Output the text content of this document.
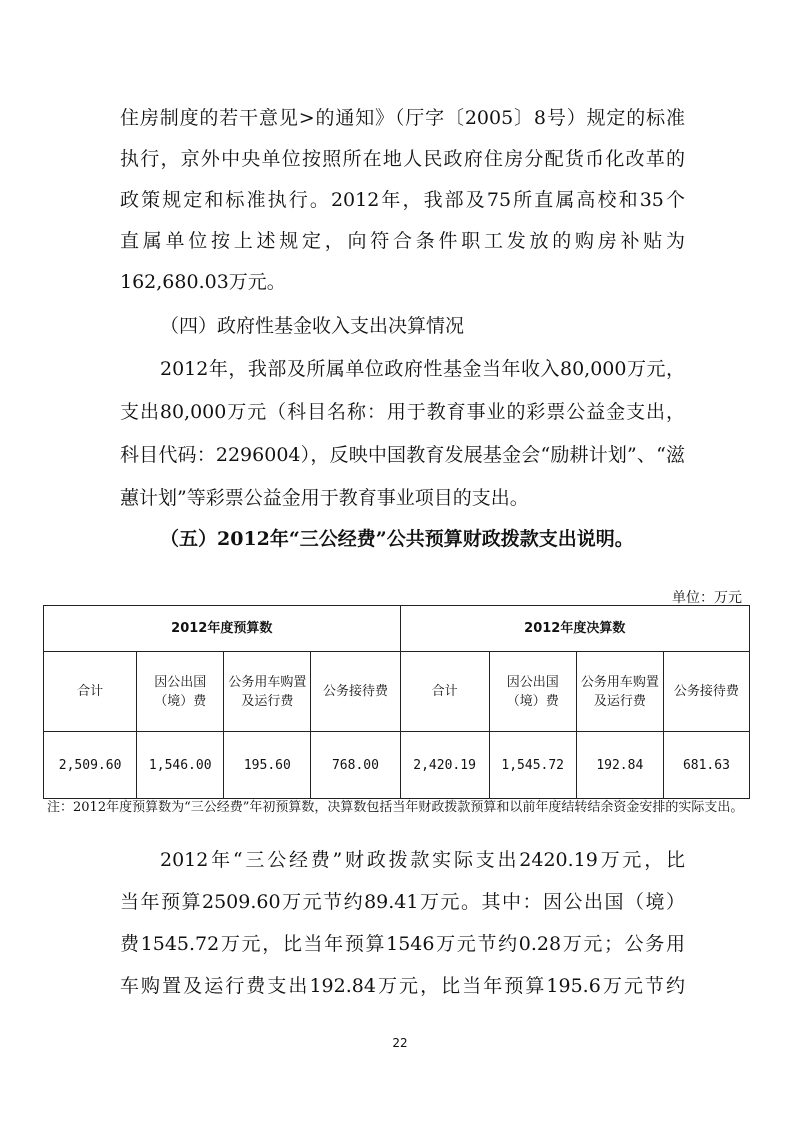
住房制度的若干意见>的通知》（厅字〔2005〕8号）规定的标准

执行，京外中央单位按照所在地人民政府住房分配货币化改革的

政策规定和标准执行。2012年，我部及75所直属高校和35个

直属单位按上述规定，向符合条件职工发放的购房补贴为

162,680.03万元。

（四）政府性基金收入支出决算情况

2012年，我部及所属单位政府性基金当年收入80,000万元，

支出80,000万元（科目名称：用于教育事业的彩票公益金支出，

科目代码：2296004），反映中国教育发展基金会“励耕计划”、“滋

蕙计划”等彩票公益金用于教育事业项目的支出。

（五）2012年“三公经费”公共预算财政拨款支出说明。

单位：万元
2012年度预算数				2012年度决算数			
合计	因公出国（境）费	公务用车购置及运行费	公务接待费	合计	因公出国（境）费	公务用车购置及运行费	公务接待费
2,509.60	1,546.00	195.60	768.00	2,420.19	1,545.72	192.84	681.63
注：2012年度预算数为“三公经费”年初预算数，决算数包括当年财政拨款预算和以前年度结转结余资金安排的实际支出。

2012年“三公经费”财政拨款实际支出2420.19万元，比

当年预算2509.60万元节约89.41万元。其中：因公出国（境）

费1545.72万元，比当年预算1546万元节约0.28万元；公务用

车购置及运行费支出192.84万元，比当年预算195.6万元节约

22
